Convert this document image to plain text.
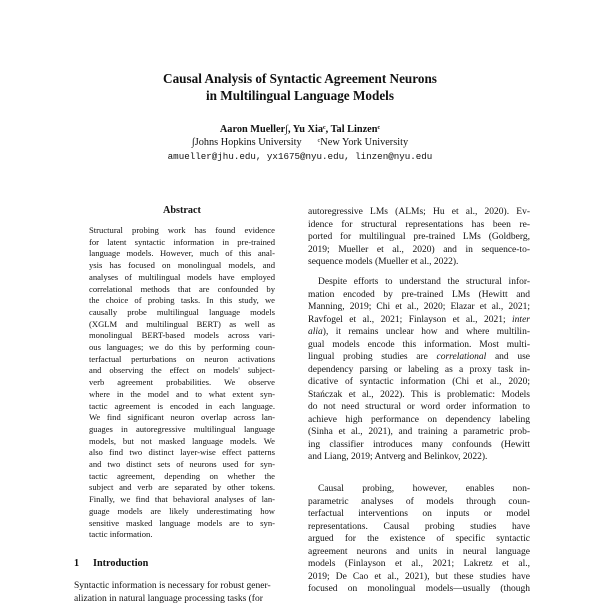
Causal Analysis of Syntactic Agreement Neurons
in Multilingual Language Models
Aaron Mueller∫, Yu Xiaᶜ, Tal Linzenᶜ
∫Johns Hopkins University ᶜNew York University
amueller@jhu.edu, yx1675@nyu.edu, linzen@nyu.edu
Abstract
Structural probing work has found evidence
for latent syntactic information in pre-trained
language models. However, much of this anal-
ysis has focused on monolingual models, and
analyses of multilingual models have employed
correlational methods that are confounded by
the choice of probing tasks. In this study, we
causally probe multilingual language models
(XGLM and multilingual BERT) as well as
monolingual BERT-based models across vari-
ous languages; we do this by performing coun-
terfactual perturbations on neuron activations
and observing the effect on models' subject-
verb agreement probabilities. We observe
where in the model and to what extent syn-
tactic agreement is encoded in each language.
We find significant neuron overlap across lan-
guages in autoregressive multilingual language
models, but not masked language models. We
also find two distinct layer-wise effect patterns
and two distinct sets of neurons used for syn-
tactic agreement, depending on whether the
subject and verb are separated by other tokens.
Finally, we find that behavioral analyses of lan-
guage models are likely underestimating how
sensitive masked language models are to syn-
tactic information.
1 Introduction
Syntactic information is necessary for robust gener-
alization in natural language processing tasks (for
autoregressive LMs (ALMs; Hu et al., 2020). Ev-
idence for structural representations has been re-
ported for multilingual pre-trained LMs (Goldberg,
2019; Mueller et al., 2020) and in sequence-to-
sequence models (Mueller et al., 2022).
Despite efforts to understand the structural infor-
mation encoded by pre-trained LMs (Hewitt and
Manning, 2019; Chi et al., 2020; Elazar et al., 2021;
Ravfogel et al., 2021; Finlayson et al., 2021; inter
alia), it remains unclear how and where multilin-
gual models encode this information. Most multi-
lingual probing studies are correlational and use
dependency parsing or labeling as a proxy task in-
dicative of syntactic information (Chi et al., 2020;
Stańczak et al., 2022). This is problematic: Models
do not need structural or word order information to
achieve high performance on dependency labeling
(Sinha et al., 2021), and training a parametric prob-
ing classifier introduces many confounds (Hewitt
and Liang, 2019; Antverg and Belinkov, 2022).
Causal probing, however, enables non-
parametric analyses of models through coun-
terfactual interventions on inputs or model
representations. Causal probing studies have
argued for the existence of specific syntactic
agreement neurons and units in neural language
models (Finlayson et al., 2021; Lakretz et al.,
2019; De Cao et al., 2021), but these studies have
focused on monolingual models—usually (though
